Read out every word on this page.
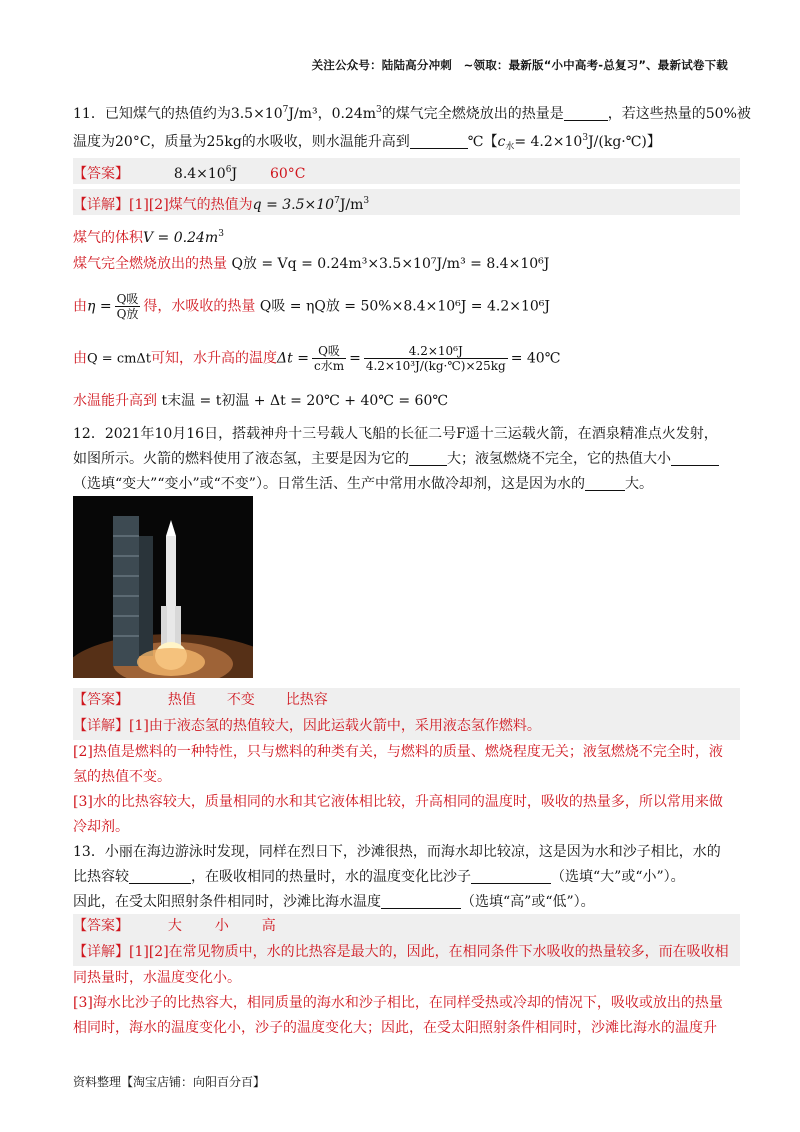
关注公众号：陆陆高分冲刺　~领取：最新版“小中高考-总复习”、最新试卷下载
11．已知煤气的热值约为$3.5\times 10^7J/m^3$，$0.24m^3$的煤气完全燃烧放出的热量是	，若这些热量的50%被
温度为20°C，质量为25kg的水吸收，则水温能升高到	℃【$c_水=$ $4.2\times 10^3J/(kg\cdot℃)$】
【答案】	$8.4\times 10^6J$ 60°C
【详解】[1][2]煤气的热值为$q = 3.5\times 10^7J/m^3$
煤气的体积$V = 0.24m^3$
煤气完全燃烧放出的热量 Q放 = Vq = 0.24m³×3.5×10⁷J/m³ = 8.4×10⁶J
由$\eta = \frac{\text{Q吸}}{\text{Q放}}$ 得，水吸收的热量 Q吸 = ηQ放 = 50%×8.4×10⁶J = 4.2×10⁶J
由Q = cmΔt可知，水升高的温度$\Delta t = \frac{\text{Q吸}}{\text{c水m}} = \frac{\text{4.2×10⁶J}}{\text{4.2×10³J/(kg·℃)×25kg}}$ = 40℃
水温能升高到 t末温 = t初温 + Δt = 20℃ + 40℃ = 60℃
12．2021年10月16日，搭载神舟十三号载人飞船的长征二号F遥十三运载火箭，在酒泉精准点火发射，
如图所示。火箭的燃料使用了液态氢，主要是因为它的	大；液氢燃烧不完全，它的热值大小
（选填“变大”“变小”或“不变”）。日常生活、生产中常用水做冷却剂，这是因为水的	大。
【答案】	热值 不变 比热容
【详解】[1]由于液态氢的热值较大，因此运载火箭中，采用液态氢作燃料。
[2]热值是燃料的一种特性，只与燃料的种类有关，与燃料的质量、燃烧程度无关；液氢燃烧不完全时，液
氢的热值不变。
[3]水的比热容较大，质量相同的水和其它液体相比较，升高相同的温度时，吸收的热量多，所以常用来做
冷却剂。
13．小丽在海边游泳时发现，同样在烈日下，沙滩很热，而海水却比较凉，这是因为水和沙子相比，水的
比热容较	，在吸收相同的热量时，水的温度变化比沙子	（选填“大”或“小”）。
因此，在受太阳照射条件相同时，沙滩比海水温度	（选填“高”或“低”）。
【答案】	大 小 高
【详解】[1][2]在常见物质中，水的比热容是最大的，因此，在相同条件下水吸收的热量较多，而在吸收相
同热量时，水温度变化小。
[3]海水比沙子的比热容大，相同质量的海水和沙子相比，在同样受热或冷却的情况下，吸收或放出的热量
相同时，海水的温度变化小，沙子的温度变化大；因此，在受太阳照射条件相同时，沙滩比海水的温度升
资料整理【淘宝店铺：向阳百分百】
